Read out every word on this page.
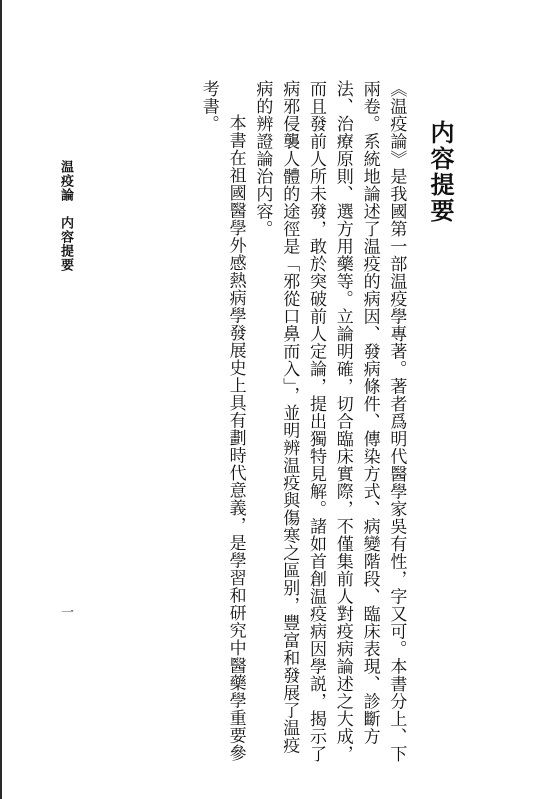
内容提要

《温疫論》是我國第一部温疫學專著。著者爲明代醫學家吳有性，字又可。本書分上、下兩卷。系統地論述了温疫的病因、發病條件、傳染方式、病變階段、臨床表現、診斷方法、治療原則、選方用藥等。立論明確，切合臨床實際，不僅集前人對疫病論述之大成，而且發前人所未發，敢於突破前人定論，提出獨特見解。諸如首創温疫病因學説，揭示了病邪侵襲人體的途徑是「邪從口鼻而入」，並明辨温疫與傷寒之區别，豐富和發展了温疫病的辨證論治内容。

本書在祖國醫學外感熱病學發展史上具有劃時代意義，是學習和研究中醫藥學重要參考書。

温疫論内容提要
一
